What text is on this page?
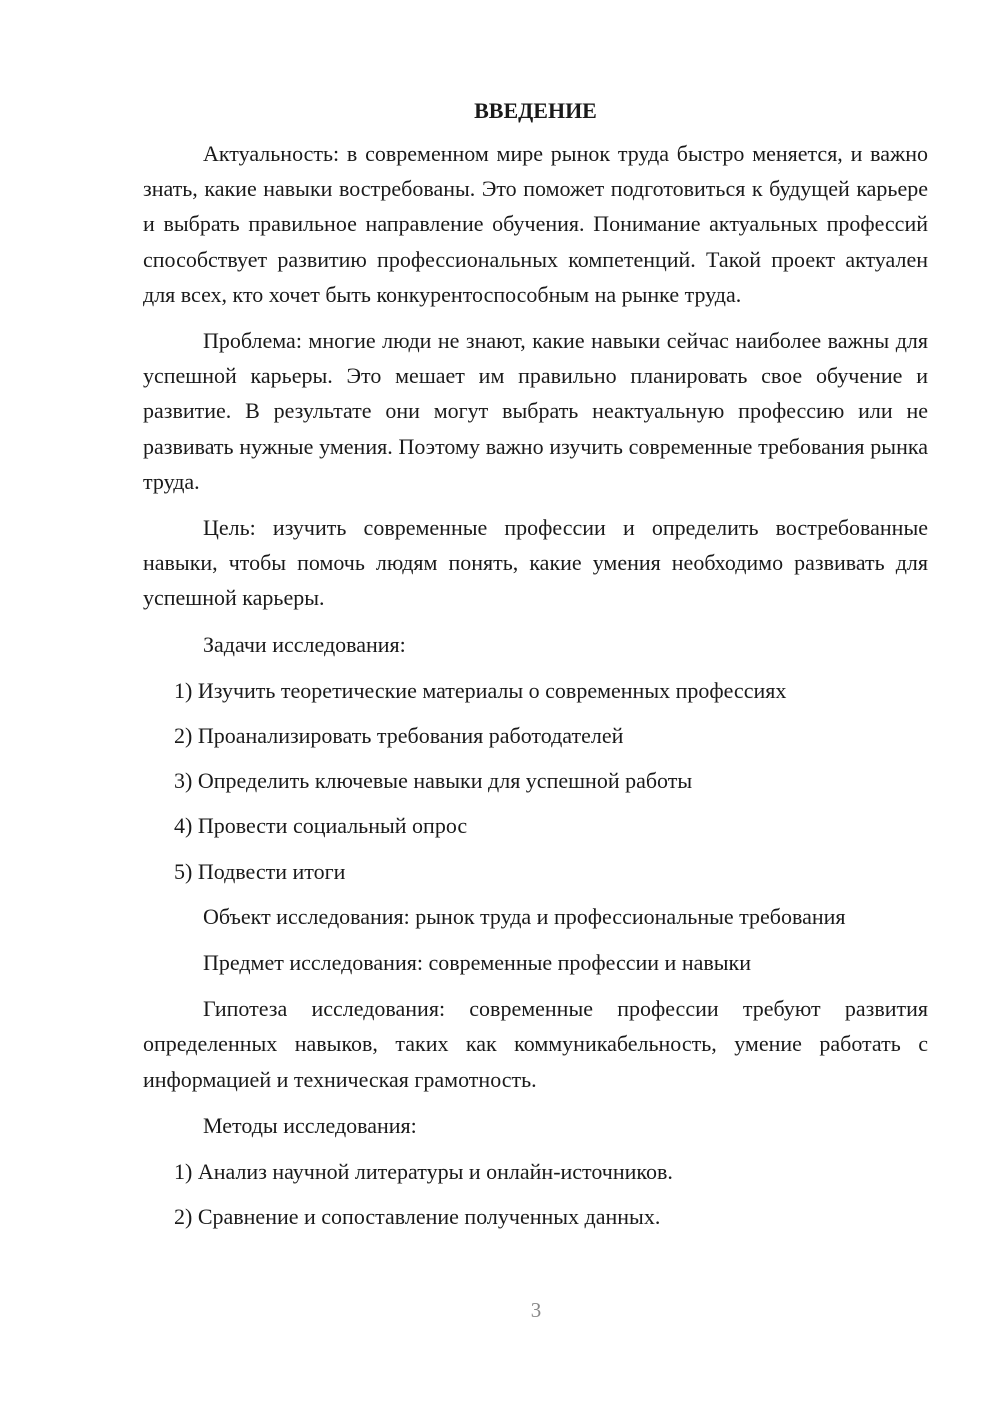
ВВЕДЕНИЕ

Актуальность: в современном мире рынок труда быстро меняется, и важно знать, какие навыки востребованы. Это поможет подготовиться к будущей карьере и выбрать правильное направление обучения. Понимание актуальных профессий способствует развитию профессиональных компетенций. Такой проект актуален для всех, кто хочет быть конкурентоспособным на рынке труда.

Проблема: многие люди не знают, какие навыки сейчас наиболее важны для успешной карьеры. Это мешает им правильно планировать свое обучение и развитие. В результате они могут выбрать неактуальную профессию или не развивать нужные умения. Поэтому важно изучить современные требования рынка труда.

Цель: изучить современные профессии и определить востребованные навыки, чтобы помочь людям понять, какие умения необходимо развивать для успешной карьеры.

Задачи исследования:

1) Изучить теоретические материалы о современных профессиях
2) Проанализировать требования работодателей
3) Определить ключевые навыки для успешной работы
4) Провести социальный опрос
5) Подвести итоги

Объект исследования: рынок труда и профессиональные требования

Предмет исследования: современные профессии и навыки

Гипотеза исследования: современные профессии требуют развития определенных навыков, таких как коммуникабельность, умение работать с информацией и техническая грамотность.

Методы исследования:

1) Анализ научной литературы и онлайн-источников.
2) Сравнение и сопоставление полученных данных.
3
